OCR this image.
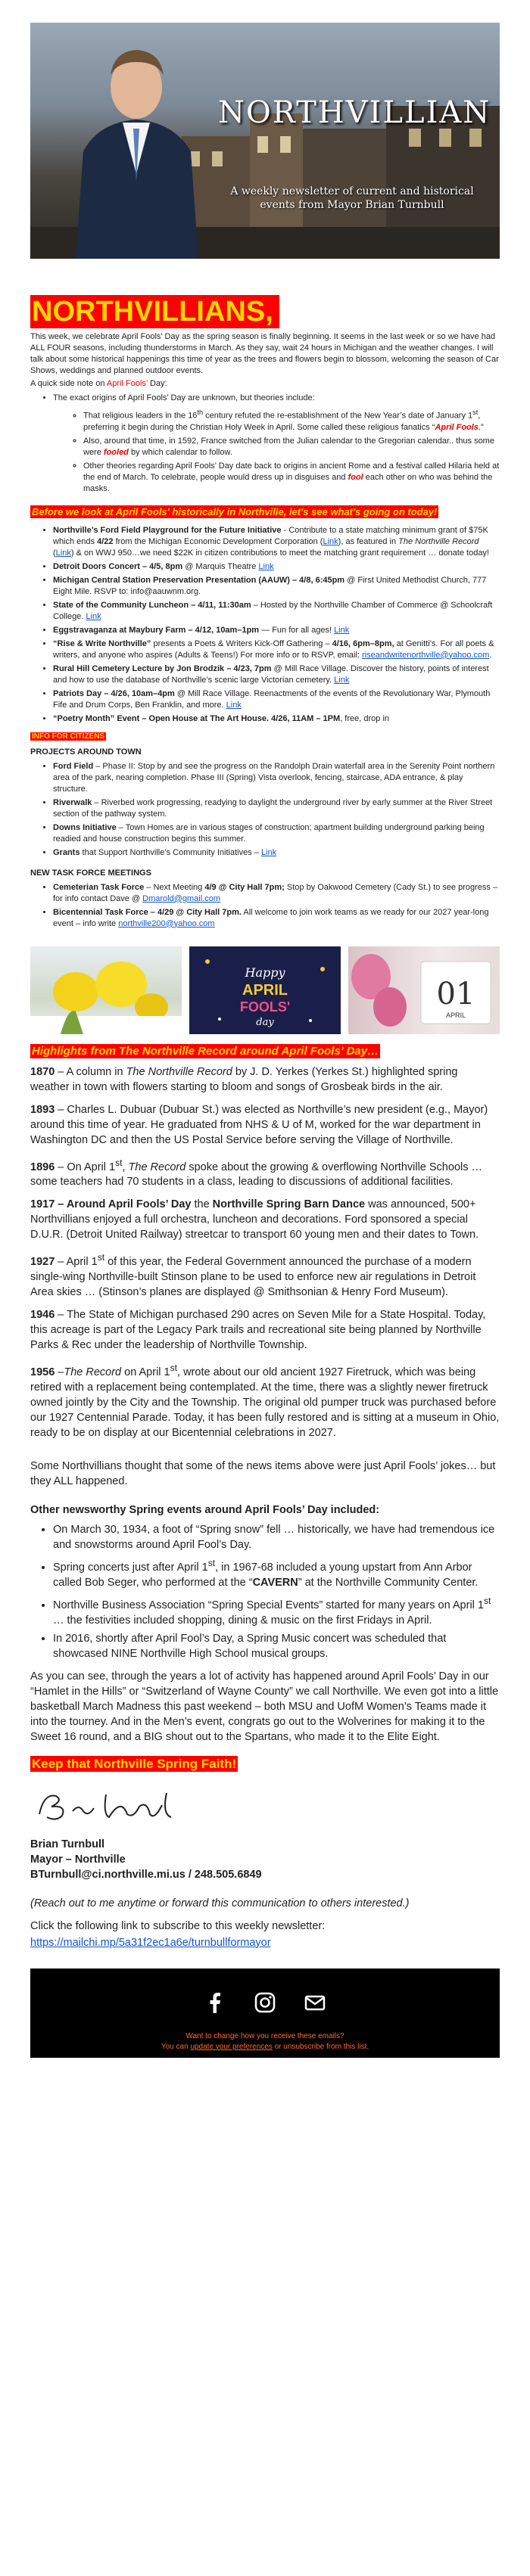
NORTHVILLIAN
A weekly newsletter of current and historical events from Mayor Brian Turnbull
NORTHVILLIANS,

This week, we celebrate April Fools’ Day as the spring season is finally beginning. It seems in the last week or so we have had ALL FOUR seasons, including thunderstorms in March. As they say, wait 24 hours in Michigan and the weather changes. I will talk about some historical happenings this time of year as the trees and flowers begin to blossom, welcoming the season of Car Shows, weddings and planned outdoor events.

A quick side note on April Fools’ Day:

• The exact origins of April Fools’ Day are unknown, but theories include:
◦ That religious leaders in the 16th century refuted the re-establishment of the New Year’s date of January 1st, preferring it begin during the Christian Holy Week in April. Some called these religious fanatics “April Fools.”
◦ Also, around that time, in 1592, France switched from the Julian calendar to the Gregorian calendar.. thus some were fooled by which calendar to follow.
◦ Other theories regarding April Fools’ Day date back to origins in ancient Rome and a festival called Hilaria held at the end of March. To celebrate, people would dress up in disguises and fool each other on who was behind the masks.
Before we look at April Fools' historically in Northville, let's see what's going on today!
• Northville’s Ford Field Playground for the Future Initiative - Contribute to a state matching minimum grant of $75K which ends 4/22 from the Michigan Economic Development Corporation (Link), as featured in The Northville Record (Link) & on WWJ 950…we need $22K in citizen contributions to meet the matching grant requirement … donate today!
• Detroit Doors Concert – 4/5, 8pm @ Marquis Theatre Link
• Michigan Central Station Preservation Presentation (AAUW) – 4/8, 6:45pm @ First United Methodist Church, 777 Eight Mile. RSVP to: info@aauwnm.org.
• State of the Community Luncheon – 4/11, 11:30am – Hosted by the Northville Chamber of Commerce @ Schoolcraft College. Link
• Eggstravaganza at Maybury Farm – 4/12, 10am–1pm — Fun for all ages! Link
• “Rise & Write Northville” presents a Poets & Writers Kick-Off Gathering – 4/16, 6pm–8pm, at Genitti’s. For all poets & writers, and anyone who aspires (Adults & Teens!) For more info or to RSVP, email: riseandwritenorthville@yahoo.com.
• Rural Hill Cemetery Lecture by Jon Brodzik – 4/23, 7pm @ Mill Race Village. Discover the history, points of interest and how to use the database of Northville’s scenic large Victorian cemetery. Link
• Patriots Day – 4/26, 10am–4pm @ Mill Race Village. Reenactments of the events of the Revolutionary War, Plymouth Fife and Drum Corps, Ben Franklin, and more. Link
• “Poetry Month” Event – Open House at The Art House. 4/26, 11AM – 1PM, free, drop in
INFO FOR CITIZENS
PROJECTS AROUND TOWN
• Ford Field – Phase II: Stop by and see the progress on the Randolph Drain waterfall area in the Serenity Point northern area of the park, nearing completion. Phase III (Spring) Vista overlook, fencing, staircase, ADA entrance, & play structure.
• Riverwalk – Riverbed work progressing, readying to daylight the underground river by early summer at the River Street section of the pathway system.
• Downs Initiative – Town Homes are in various stages of construction; apartment building underground parking being readied and house construction begins this summer.
• Grants that Support Northville’s Community Initiatives – Link
NEW TASK FORCE MEETINGS
• Cemeterian Task Force – Next Meeting 4/9 @ City Hall 7pm; Stop by Oakwood Cemetery (Cady St.) to see progress – for info contact Dave @ Dmarold@gmail.com
• Bicentennial Task Force – 4/29 @ City Hall 7pm. All welcome to join work teams as we ready for our 2027 year-long event – info write northville200@yahoo.com
Happy
APRIL
FOOLS'
day
01
APRIL
Highlights from The Northville Record around April Fools’ Day…

1870 – A column in The Northville Record by J. D. Yerkes (Yerkes St.) highlighted spring weather in town with flowers starting to bloom and songs of Grosbeak birds in the air.

1893 – Charles L. Dubuar (Dubuar St.) was elected as Northville’s new president (e.g., Mayor) around this time of year. He graduated from NHS & U of M, worked for the war department in Washington DC and then the US Postal Service before serving the Village of Northville.

1896 – On April 1st, The Record spoke about the growing & overflowing Northville Schools … some teachers had 70 students in a class, leading to discussions of additional facilities.

1917 – Around April Fools’ Day the Northville Spring Barn Dance was announced, 500+ Northvillians enjoyed a full orchestra, luncheon and decorations. Ford sponsored a special D.U.R. (Detroit United Railway) streetcar to transport 60 young men and their dates to Town.

1927 – April 1st of this year, the Federal Government announced the purchase of a modern single-wing Northville-built Stinson plane to be used to enforce new air regulations in Detroit Area skies … (Stinson’s planes are displayed @ Smithsonian & Henry Ford Museum).

1946 – The State of Michigan purchased 290 acres on Seven Mile for a State Hospital. Today, this acreage is part of the Legacy Park trails and recreational site being planned by Northville Parks & Rec under the leadership of Northville Township.

1956 –The Record on April 1st, wrote about our old ancient 1927 Firetruck, which was being retired with a replacement being contemplated. At the time, there was a slightly newer firetruck owned jointly by the City and the Township. The original old pumper truck was purchased before our 1927 Centennial Parade. Today, it has been fully restored and is sitting at a museum in Ohio, ready to be on display at our Bicentennial celebrations in 2027.

Some Northvillians thought that some of the news items above were just April Fools’ jokes… but they ALL happened.

Other newsworthy Spring events around April Fools’ Day included:

• On March 30, 1934, a foot of “Spring snow” fell … historically, we have had tremendous ice and snowstorms around April Fool’s Day.
• Spring concerts just after April 1st, in 1967-68 included a young upstart from Ann Arbor called Bob Seger, who performed at the “CAVERN” at the Northville Community Center.
• Northville Business Association “Spring Special Events” started for many years on April 1st … the festivities included shopping, dining & music on the first Fridays in April.
• In 2016, shortly after April Fool’s Day, a Spring Music concert was scheduled that showcased NINE Northville High School musical groups.

As you can see, through the years a lot of activity has happened around April Fools’ Day in our “Hamlet in the Hills” or “Switzerland of Wayne County” we call Northville. We even got into a little basketball March Madness this past weekend – both MSU and UofM Women’s Teams made it into the tourney. And in the Men’s event, congrats go out to the Wolverines for making it to the Sweet 16 round, and a BIG shout out to the Spartans, who made it to the Elite Eight.

Keep that Northville Spring Faith!
Brian Turnbull
Mayor – Northville
BTurnbull@ci.northville.mi.us / 248.505.6849

(Reach out to me anytime or forward this communication to others interested.)

Click the following link to subscribe to this weekly newsletter:

https://mailchi.mp/5a31f2ec1a6e/turnbullformayor

Want to change how you receive these emails?
You can update your preferences or unsubscribe from this list.
